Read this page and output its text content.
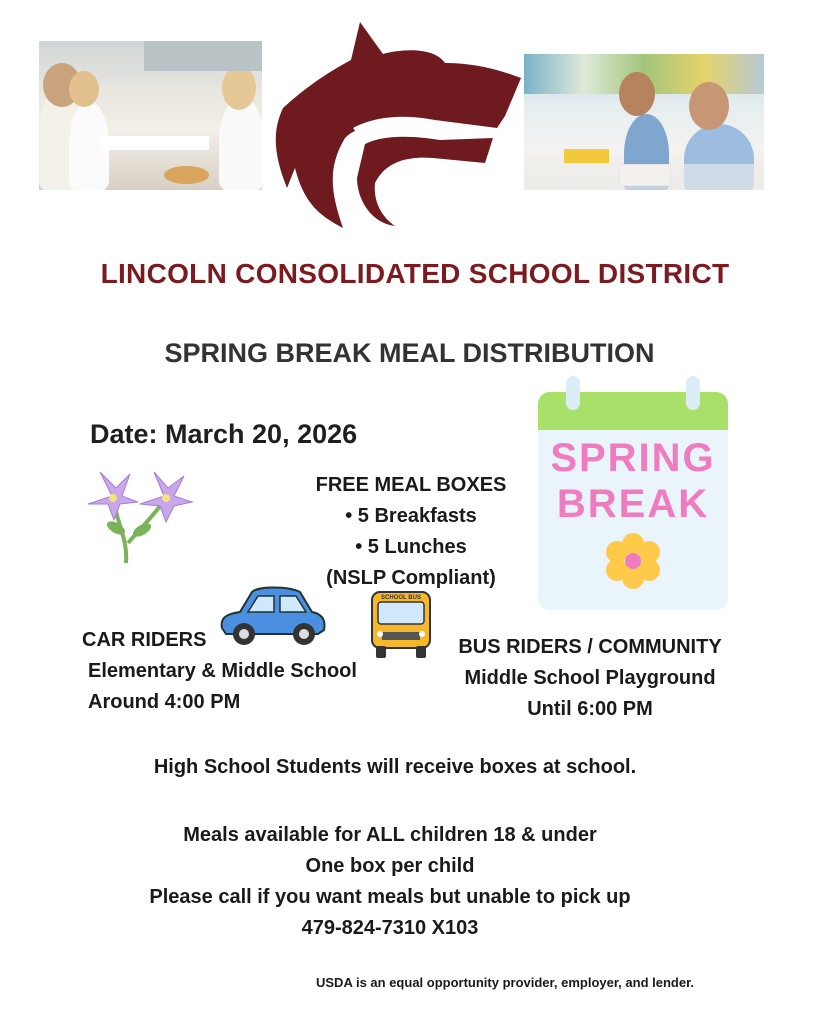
LINCOLN CONSOLIDATED SCHOOL DISTRICT
SPRING BREAK MEAL DISTRIBUTION
Date: March 20, 2026
SPRING
BREAK
FREE MEAL BOXES
• 5 Breakfasts
• 5 Lunches
(NSLP Compliant)
SCHOOL BUS
CAR RIDERS
Elementary & Middle School
Around 4:00 PM
BUS RIDERS / COMMUNITY
Middle School Playground
Until 6:00 PM
High School Students will receive boxes at school.
Meals available for ALL children 18 & under
One box per child
Please call if you want meals but unable to pick up
479-824-7310 X103
USDA is an equal opportunity provider, employer, and lender.
